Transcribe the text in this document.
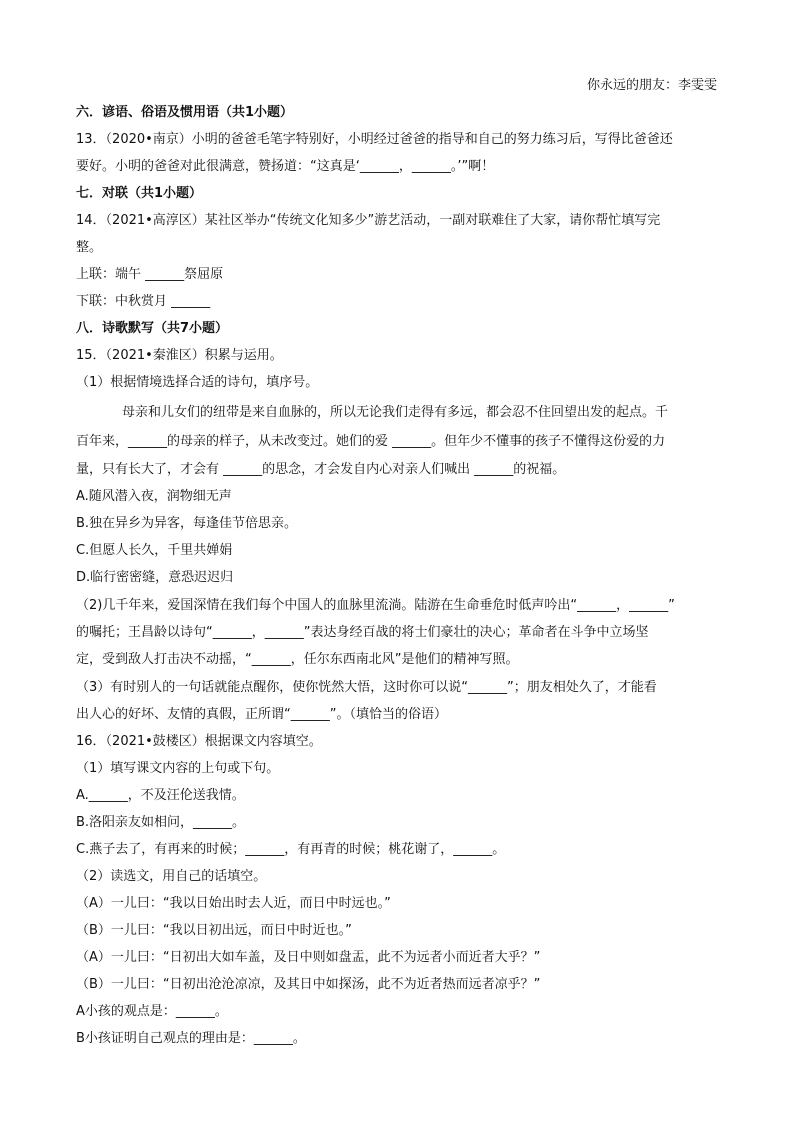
你永远的朋友：李雯雯
六．谚语、俗语及惯用语（共1小题）
13．（2020•南京）小明的爸爸毛笔字特别好，小明经过爸爸的指导和自己的努力练习后，写得比爸爸还
要好。小明的爸爸对此很满意，赞扬道：“这真是‘______，______。’”啊！
七．对联（共1小题）
14．（2021•高淳区）某社区举办“传统文化知多少”游艺活动，一副对联难住了大家，请你帮忙填写完
整。
上联：端午 ______祭屈原
下联：中秋赏月 ______
八．诗歌默写（共7小题）
15．（2021•秦淮区）积累与运用。
（1）根据情境选择合适的诗句，填序号。
母亲和儿女们的纽带是来自血脉的，所以无论我们走得有多远，都会忍不住回望出发的起点。千
百年来，______的母亲的样子，从未改变过。她们的爱 ______。但年少不懂事的孩子不懂得这份爱的力
量，只有长大了，才会有 ______的思念，才会发自内心对亲人们喊出 ______的祝福。
A.随风潜入夜，润物细无声
B.独在异乡为异客，每逢佳节倍思亲。
C.但愿人长久，千里共婵娟
D.临行密密缝，意恐迟迟归
（2)几千年来，爱国深情在我们每个中国人的血脉里流淌。陆游在生命垂危时低声吟出“______，______”
的嘱托；王昌龄以诗句“______，______”表达身经百战的将士们豪壮的决心；革命者在斗争中立场坚
定，受到敌人打击决不动摇，“______，任尔东西南北风”是他们的精神写照。
（3）有时别人的一句话就能点醒你，使你恍然大悟，这时你可以说“______”；朋友相处久了，才能看
出人心的好坏、友情的真假，正所谓“______”。（填恰当的俗语）
16．（2021•鼓楼区）根据课文内容填空。
（1）填写课文内容的上句或下句。
A.______，不及汪伦送我情。
B.洛阳亲友如相问，______。
C.燕子去了，有再来的时候；______，有再青的时候；桃花谢了，______。
（2）读选文，用自己的话填空。
（A）一儿曰：“我以日始出时去人近，而日中时远也。”
（B）一儿曰：“我以日初出远，而日中时近也。”
（A）一儿曰：“日初出大如车盖，及日中则如盘盂，此不为远者小而近者大乎？”
（B）一儿曰：“日初出沧沧凉凉，及其日中如探汤，此不为近者热而远者凉乎？”
A小孩的观点是：______。
B小孩证明自己观点的理由是：______。
